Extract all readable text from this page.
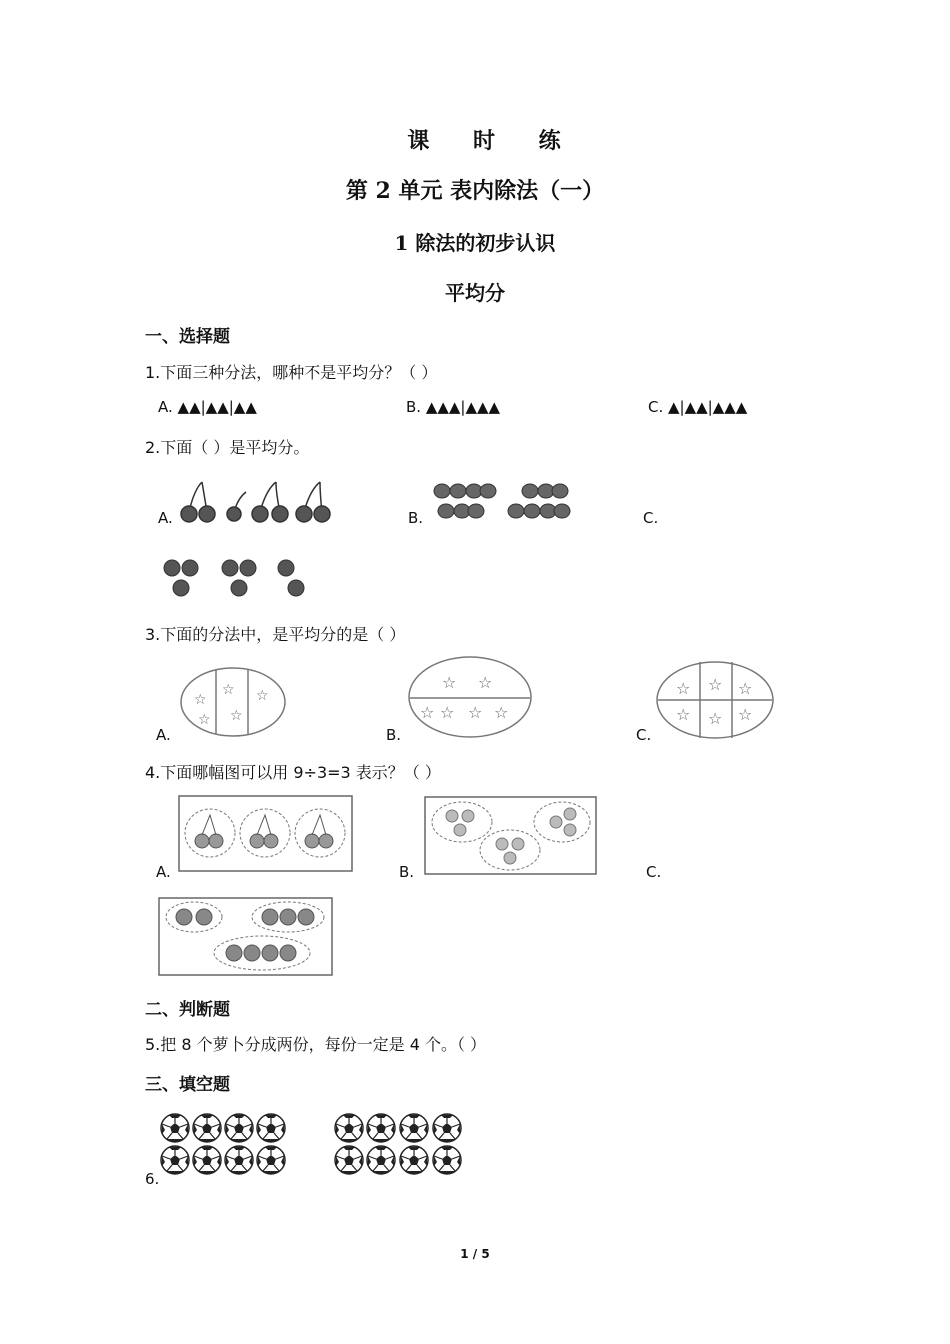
课 时 练
第 2 单元 表内除法（一）
1 除法的初步认识
平均分
一、选择题
1.下面三种分法，哪种不是平均分？（ ）
A. ▲▲|▲▲|▲▲	B. ▲▲▲|▲▲▲	C. ▲|▲▲|▲▲▲
2.下面（ ）是平均分。
A.	B.	C.
3.下面的分法中，是平均分的是（ ）
A.	B.	C.
☆
☆
☆
☆
☆
☆ ☆
☆ ☆ ☆ ☆
☆ ☆ ☆
☆ ☆ ☆
4.下面哪幅图可以用 9÷3=3 表示？（ ）
A.	B.	C.
二、判断题
5.把 8 个萝卜分成两份，每份一定是 4 个。（ ）
三、填空题
6.
1 / 5
